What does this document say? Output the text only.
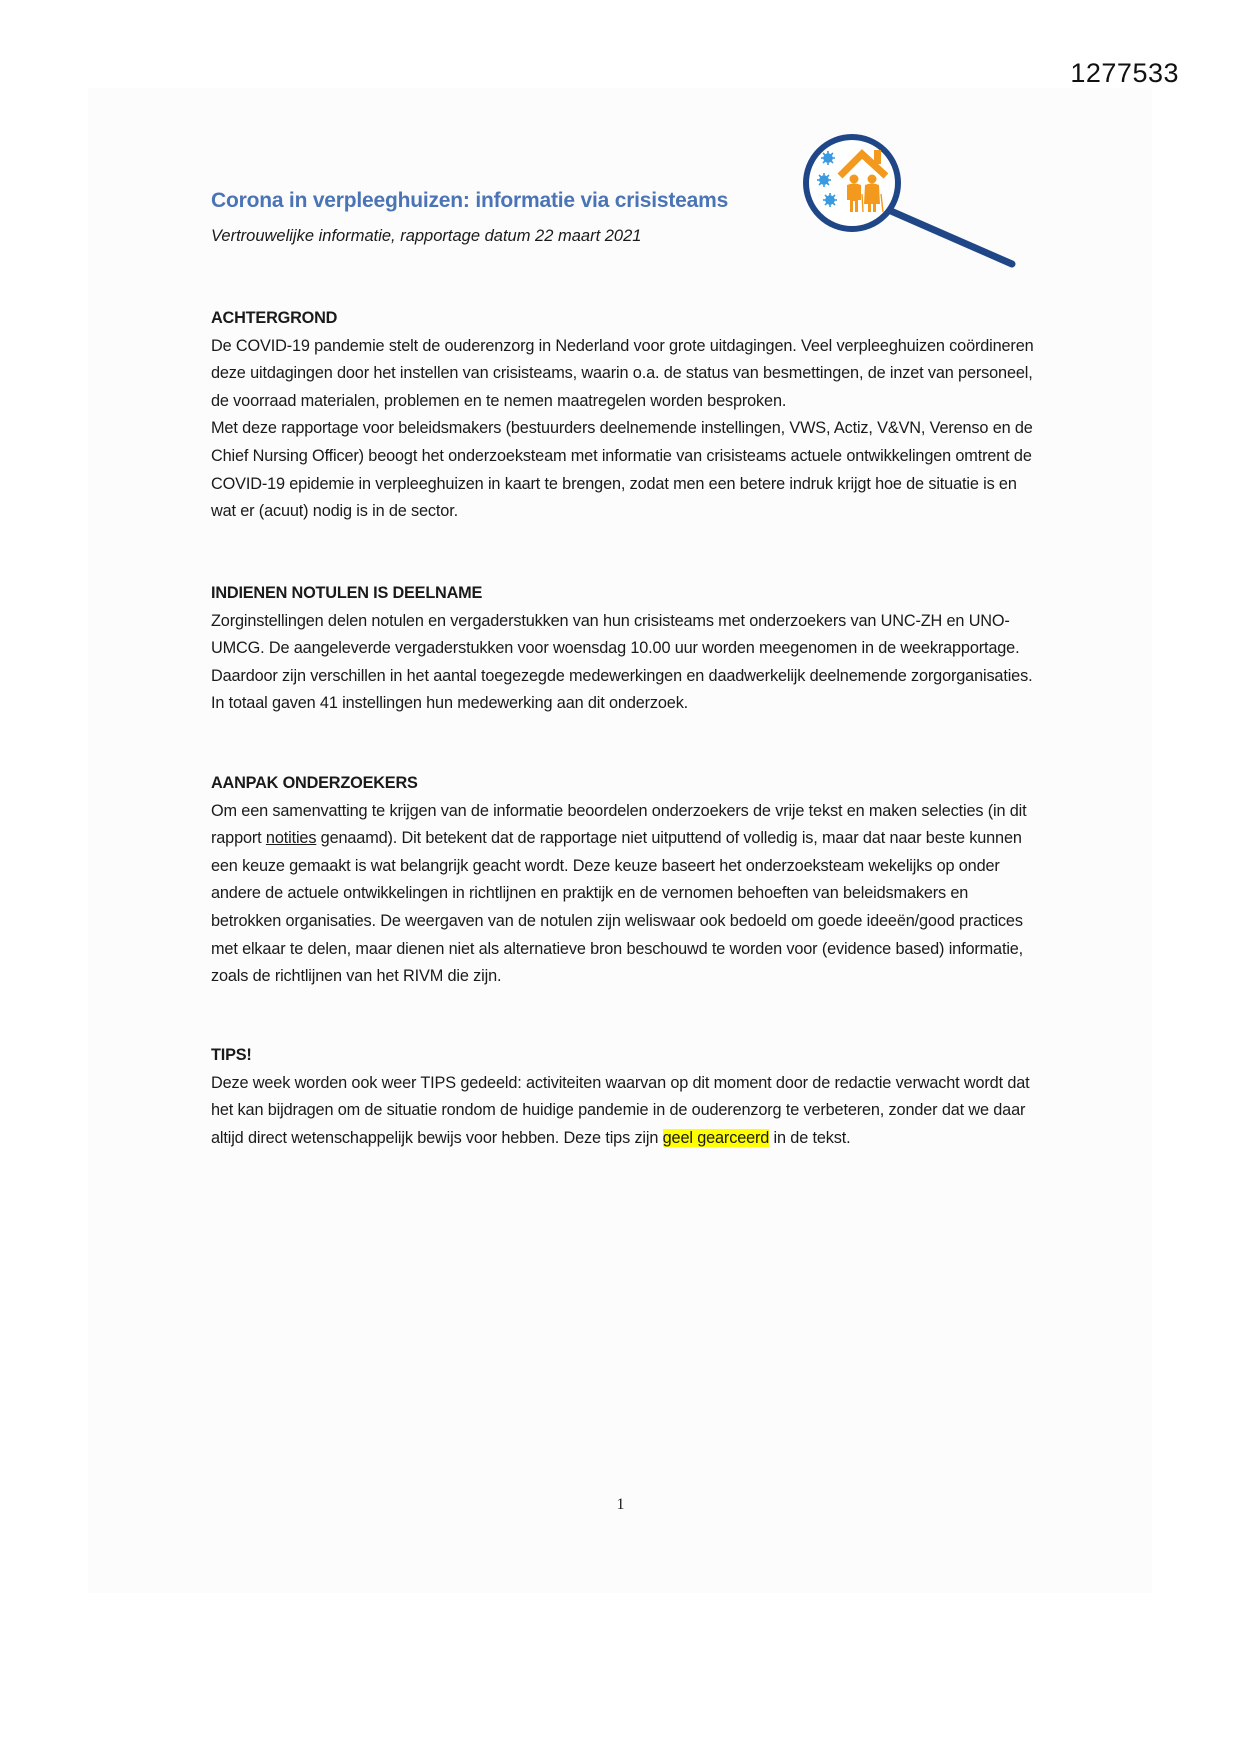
1277533
Corona in verpleeghuizen: informatie via crisisteams
Vertrouwelijke informatie, rapportage datum 22 maart 2021
ACHTERGROND

De COVID-19 pandemie stelt de ouderenzorg in Nederland voor grote uitdagingen. Veel verpleeghuizen coördineren deze uitdagingen door het instellen van crisisteams, waarin o.a. de status van besmettingen, de inzet van personeel, de voorraad materialen, problemen en te nemen maatregelen worden besproken.

Met deze rapportage voor beleidsmakers (bestuurders deelnemende instellingen, VWS, Actiz, V&VN, Verenso en de Chief Nursing Officer) beoogt het onderzoeksteam met informatie van crisisteams actuele ontwikkelingen omtrent de COVID-19 epidemie in verpleeghuizen in kaart te brengen, zodat men een betere indruk krijgt hoe de situatie is en wat er (acuut) nodig is in de sector.

INDIENEN NOTULEN IS DEELNAME

Zorginstellingen delen notulen en vergaderstukken van hun crisisteams met onderzoekers van UNC-ZH en UNO-UMCG. De aangeleverde vergaderstukken voor woensdag 10.00 uur worden meegenomen in de weekrapportage. Daardoor zijn verschillen in het aantal toegezegde medewerkingen en daadwerkelijk deelnemende zorgorganisaties. In totaal gaven 41 instellingen hun medewerking aan dit onderzoek.

AANPAK ONDERZOEKERS

Om een samenvatting te krijgen van de informatie beoordelen onderzoekers de vrije tekst en maken selecties (in dit rapport notities genaamd). Dit betekent dat de rapportage niet uitputtend of volledig is, maar dat naar beste kunnen een keuze gemaakt is wat belangrijk geacht wordt. Deze keuze baseert het onderzoeksteam wekelijks op onder andere de actuele ontwikkelingen in richtlijnen en praktijk en de vernomen behoeften van beleidsmakers en betrokken organisaties. De weergaven van de notulen zijn weliswaar ook bedoeld om goede ideeën/good practices met elkaar te delen, maar dienen niet als alternatieve bron beschouwd te worden voor (evidence based) informatie, zoals de richtlijnen van het RIVM die zijn.

TIPS!

Deze week worden ook weer TIPS gedeeld: activiteiten waarvan op dit moment door de redactie verwacht wordt dat het kan bijdragen om de situatie rondom de huidige pandemie in de ouderenzorg te verbeteren, zonder dat we daar altijd direct wetenschappelijk bewijs voor hebben. Deze tips zijn geel gearceerd in de tekst.

1
